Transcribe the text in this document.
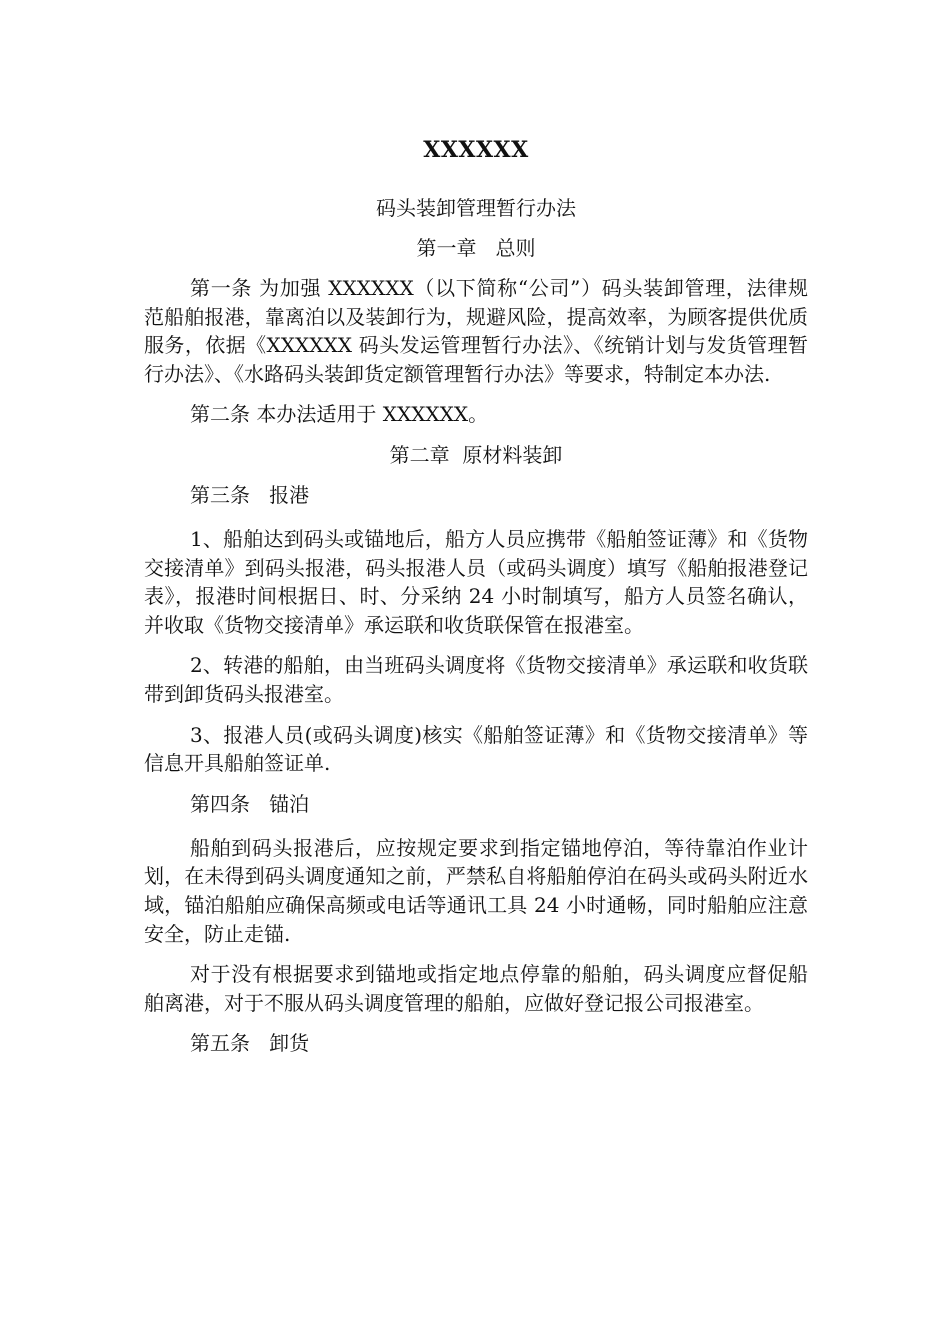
XXXXXX
码头装卸管理暂行办法
第一章   总则

第一条 为加强 XXXXXX（以下简称“公司”）码头装卸管理，法律规范船舶报港，靠离泊以及装卸行为，规避风险，提高效率，为顾客提供优质服务，依据《XXXXXX 码头发运管理暂行办法》、《统销计划与发货管理暂行办法》、《水路码头装卸货定额管理暂行办法》等要求，特制定本办法.

第二条 本办法适用于 XXXXXX。

第二章  原材料装卸
第三条   报港

1、船舶达到码头或锚地后，船方人员应携带《船舶签证薄》和《货物交接清单》到码头报港，码头报港人员（或码头调度）填写《船舶报港登记表》，报港时间根据日、时、分采纳 24 小时制填写，船方人员签名确认，并收取《货物交接清单》承运联和收货联保管在报港室。

2、转港的船舶，由当班码头调度将《货物交接清单》承运联和收货联带到卸货码头报港室。

3、报港人员(或码头调度)核实《船舶签证薄》和《货物交接清单》等信息开具船舶签证单.

第四条   锚泊

船舶到码头报港后，应按规定要求到指定锚地停泊，等待靠泊作业计划，在未得到码头调度通知之前，严禁私自将船舶停泊在码头或码头附近水域，锚泊船舶应确保高频或电话等通讯工具 24 小时通畅，同时船舶应注意安全，防止走锚.

对于没有根据要求到锚地或指定地点停靠的船舶，码头调度应督促船舶离港，对于不服从码头调度管理的船舶，应做好登记报公司报港室。

第五条   卸货
